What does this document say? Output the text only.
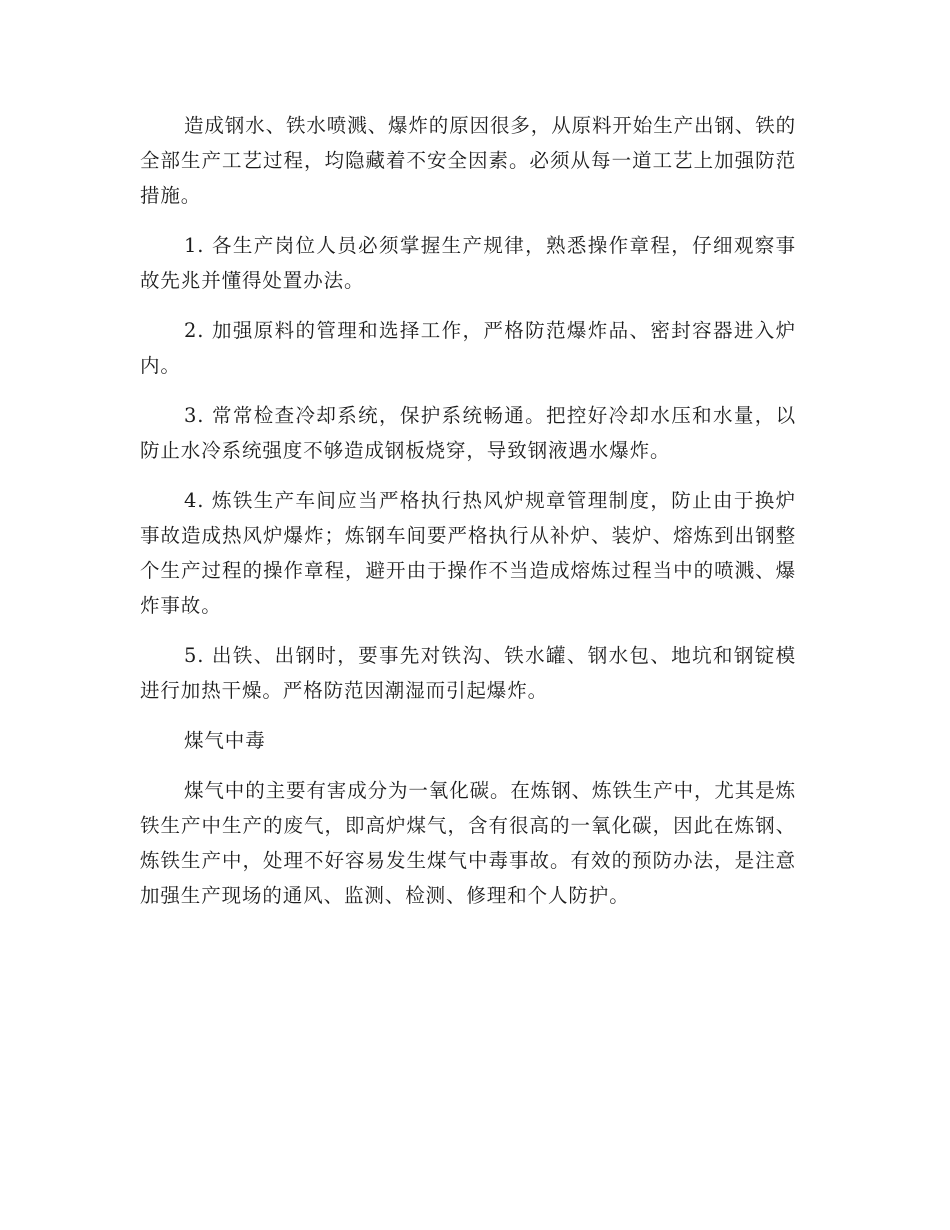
造成钢水、铁水喷溅、爆炸的原因很多，从原料开始生产出钢、铁的全部生产工艺过程，均隐藏着不安全因素。必须从每一道工艺上加强防范措施。

1. 各生产岗位人员必须掌握生产规律，熟悉操作章程，仔细观察事故先兆并懂得处置办法。

2. 加强原料的管理和选择工作，严格防范爆炸品、密封容器进入炉内。

3. 常常检查冷却系统，保护系统畅通。把控好冷却水压和水量，以防止水冷系统强度不够造成钢板烧穿，导致钢液遇水爆炸。

4. 炼铁生产车间应当严格执行热风炉规章管理制度，防止由于换炉事故造成热风炉爆炸；炼钢车间要严格执行从补炉、装炉、熔炼到出钢整个生产过程的操作章程，避开由于操作不当造成熔炼过程当中的喷溅、爆炸事故。

5. 出铁、出钢时，要事先对铁沟、铁水罐、钢水包、地坑和钢锭模进行加热干燥。严格防范因潮湿而引起爆炸。

煤气中毒

煤气中的主要有害成分为一氧化碳。在炼钢、炼铁生产中，尤其是炼铁生产中生产的废气，即高炉煤气，含有很高的一氧化碳，因此在炼钢、炼铁生产中，处理不好容易发生煤气中毒事故。有效的预防办法，是注意加强生产现场的通风、监测、检测、修理和个人防护。
